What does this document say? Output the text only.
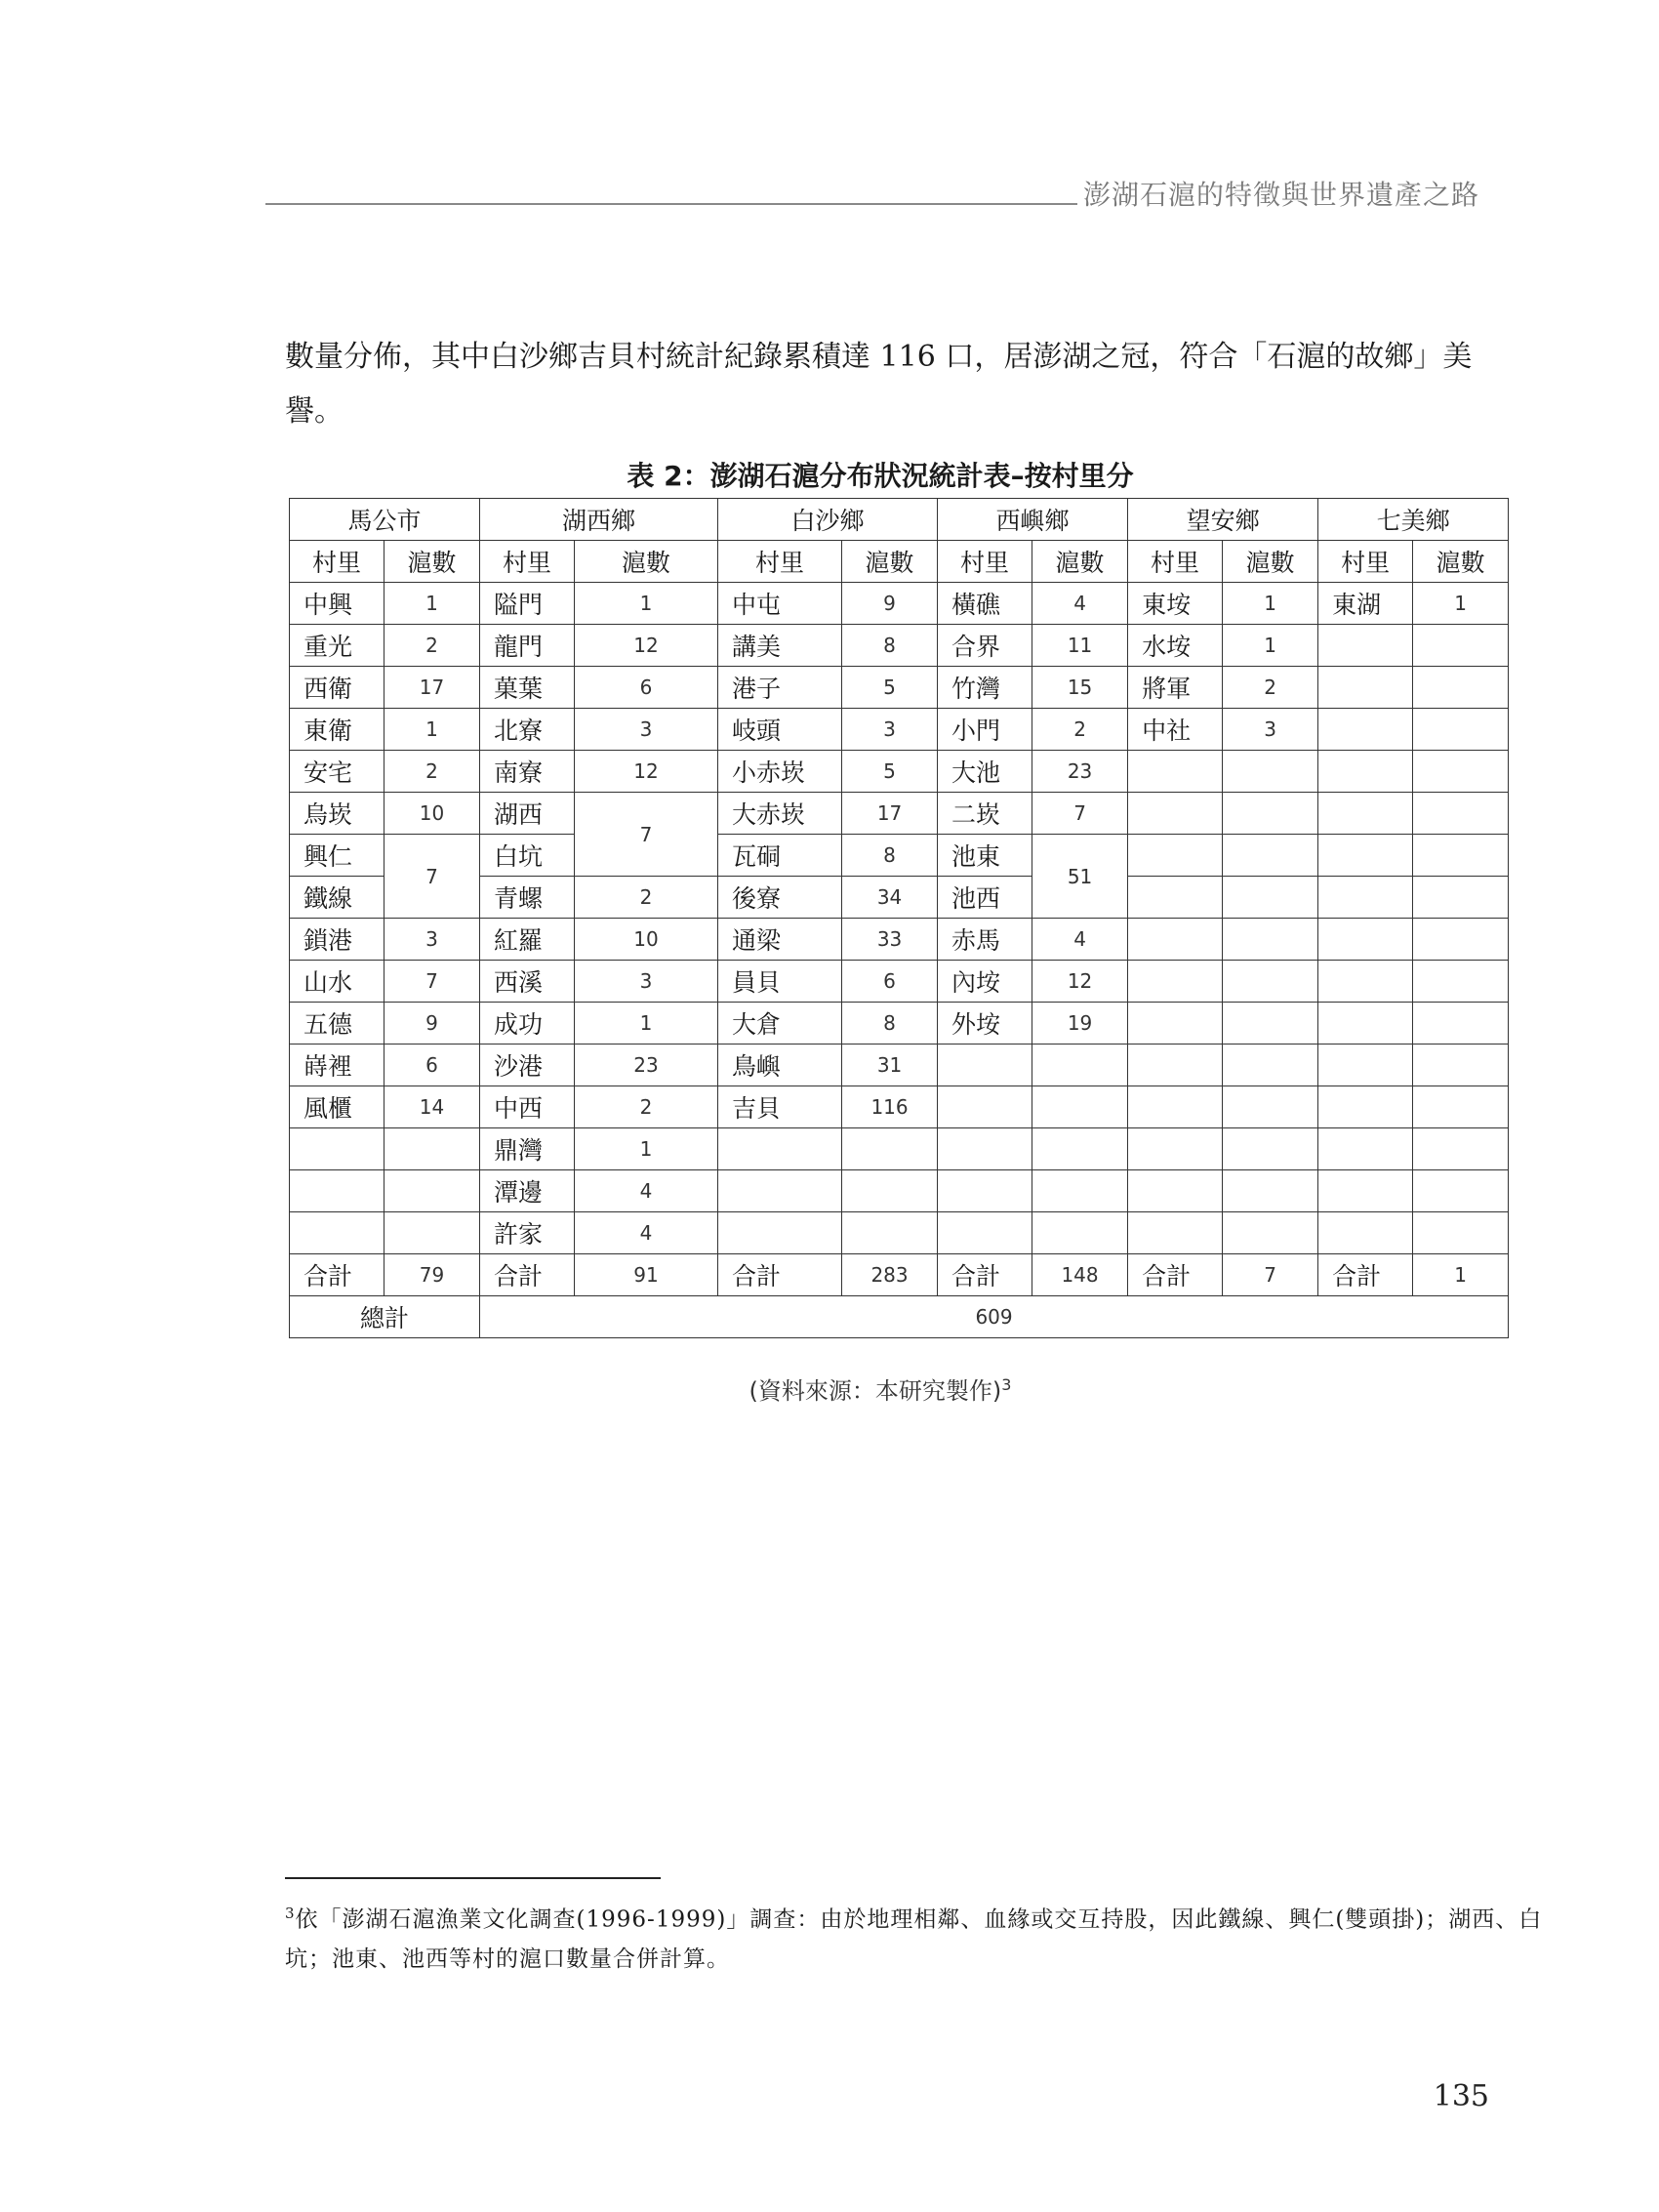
澎湖石滬的特徵與世界遺產之路

數量分佈，其中白沙鄉吉貝村統計紀錄累積達 116 口，居澎湖之冠，符合「石滬的故鄉」美譽。

表 2：澎湖石滬分布狀況統計表–按村里分
馬公市		湖西鄉		白沙鄉		西嶼鄉		望安鄉		七美鄉	
村里	滬數	村里	滬數	村里	滬數	村里	滬數	村里	滬數	村里	滬數
中興	1	隘門	1	中屯	9	橫礁	4	東垵	1	東湖	1
重光	2	龍門	12	講美	8	合界	11	水垵	1		
西衛	17	菓葉	6	港子	5	竹灣	15	將軍	2		
東衛	1	北寮	3	岐頭	3	小門	2	中社	3		
安宅	2	南寮	12	小赤崁	5	大池	23				
烏崁	10	湖西	7	大赤崁	17	二崁	7				
興仁	7	白坑		瓦硐	8	池東	51				
鐵線		青螺	2	後寮	34	池西					
鎖港	3	紅羅	10	通梁	33	赤馬	4				
山水	7	西溪	3	員貝	6	內垵	12				
五德	9	成功	1	大倉	8	外垵	19				
嵵裡	6	沙港	23	鳥嶼	31						
風櫃	14	中西	2	吉貝	116						
		鼎灣	1								
		潭邊	4								
		許家	4								
合計	79	合計	91	合計	283	合計	148	合計	7	合計	1
總計		609									
(資料來源：本研究製作)$^3$

$^3$依「澎湖石滬漁業文化調查(1996-1999)」調查：由於地理相鄰、血緣或交互持股，因此鐵線、興仁(雙頭掛)；湖西、白坑；池東、池西等村的滬口數量合併計算。

135
